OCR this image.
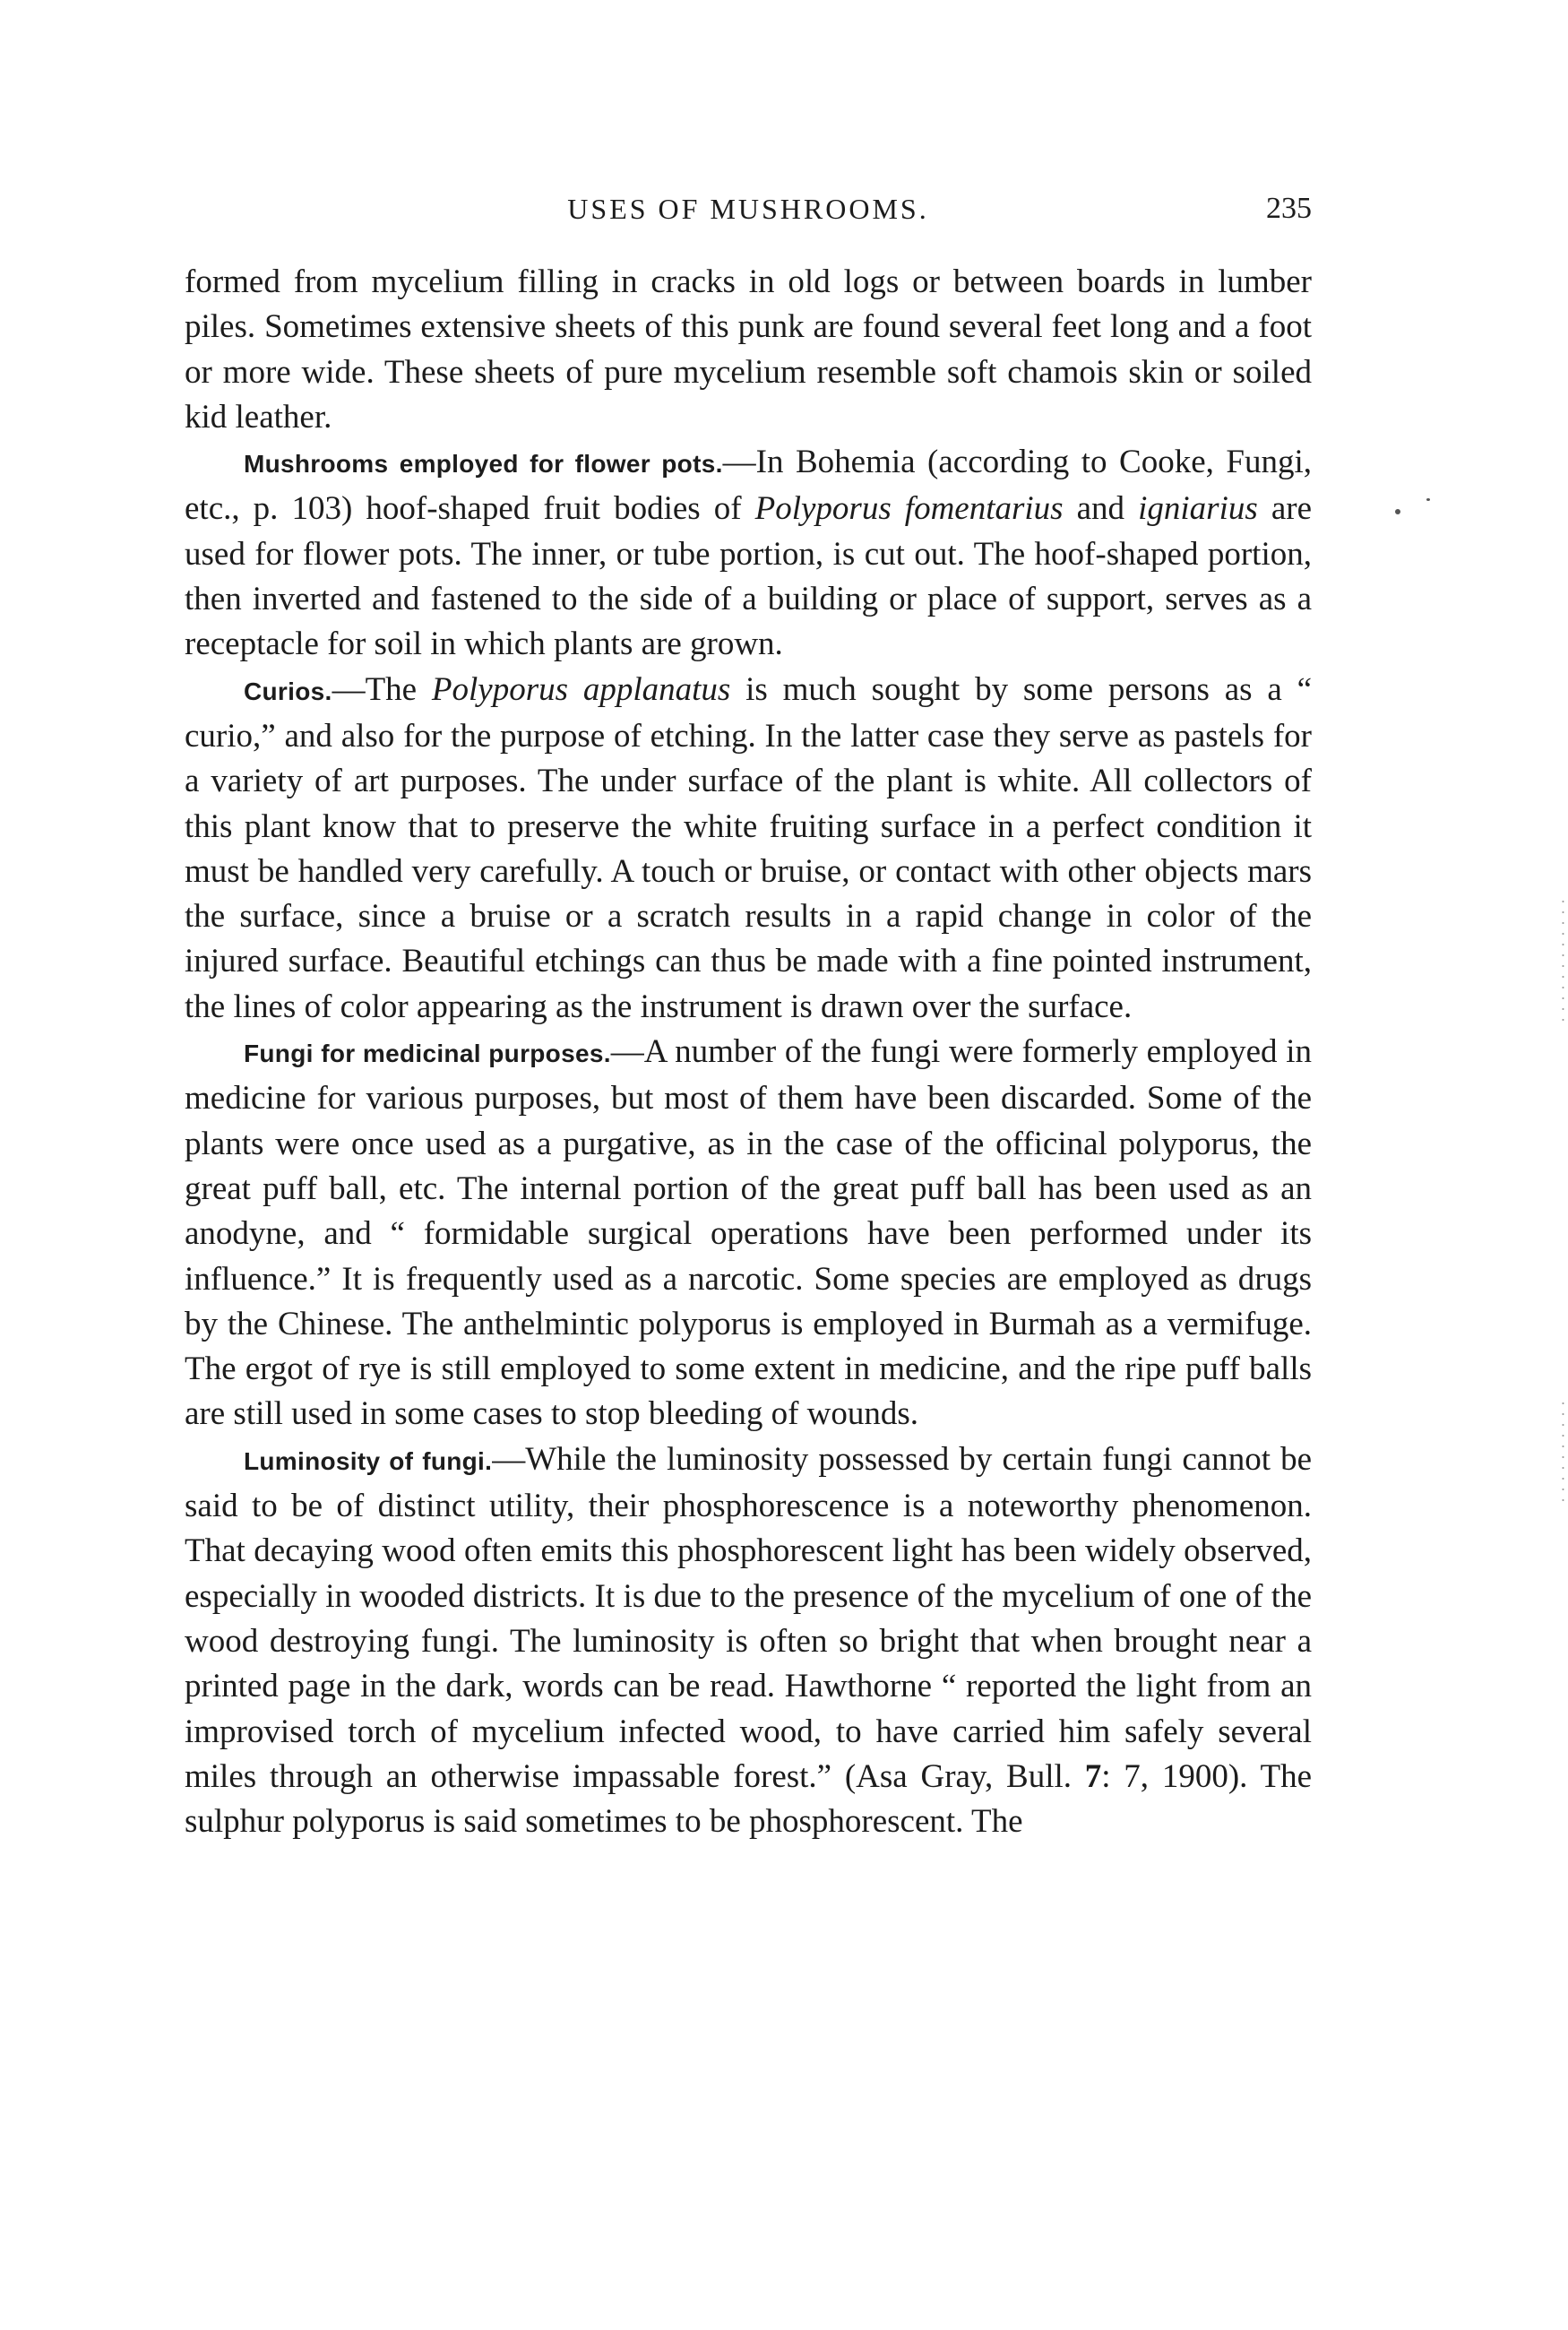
USES OF MUSHROOMS.	235

formed from mycelium filling in cracks in old logs or between boards in lumber piles. Sometimes extensive sheets of this punk are found several feet long and a foot or more wide. These sheets of pure mycelium resemble soft chamois skin or soiled kid leather.

Mushrooms employed for flower pots.—In Bohemia (according to Cooke, Fungi, etc., p. 103) hoof-shaped fruit bodies of Polyporus fomentarius and igniarius are used for flower pots. The inner, or tube portion, is cut out. The hoof-shaped portion, then inverted and fastened to the side of a building or place of support, serves as a receptacle for soil in which plants are grown.

Curios.—The Polyporus applanatus is much sought by some persons as a “ curio,” and also for the purpose of etching. In the latter case they serve as pastels for a variety of art purposes. The under surface of the plant is white. All collectors of this plant know that to preserve the white fruiting surface in a perfect condition it must be handled very carefully. A touch or bruise, or contact with other objects mars the surface, since a bruise or a scratch results in a rapid change in color of the injured surface. Beautiful etchings can thus be made with a fine pointed instrument, the lines of color appearing as the instrument is drawn over the surface.

Fungi for medicinal purposes.—A number of the fungi were formerly employed in medicine for various purposes, but most of them have been discarded. Some of the plants were once used as a purgative, as in the case of the officinal polyporus, the great puff ball, etc. The internal portion of the great puff ball has been used as an anodyne, and “ formidable surgical operations have been performed under its influence.” It is frequently used as a narcotic. Some species are employed as drugs by the Chinese. The anthelmintic polyporus is employed in Burmah as a vermifuge. The ergot of rye is still employed to some extent in medicine, and the ripe puff balls are still used in some cases to stop bleeding of wounds.

Luminosity of fungi.—While the luminosity possessed by certain fungi cannot be said to be of distinct utility, their phosphorescence is a noteworthy phenomenon. That decaying wood often emits this phosphorescent light has been widely observed, especially in wooded districts. It is due to the presence of the mycelium of one of the wood destroying fungi. The luminosity is often so bright that when brought near a printed page in the dark, words can be read. Hawthorne “ reported the light from an improvised torch of mycelium infected wood, to have carried him safely several miles through an otherwise impassable forest.” (Asa Gray, Bull. 7: 7, 1900). The sulphur polyporus is said sometimes to be phosphorescent. The
